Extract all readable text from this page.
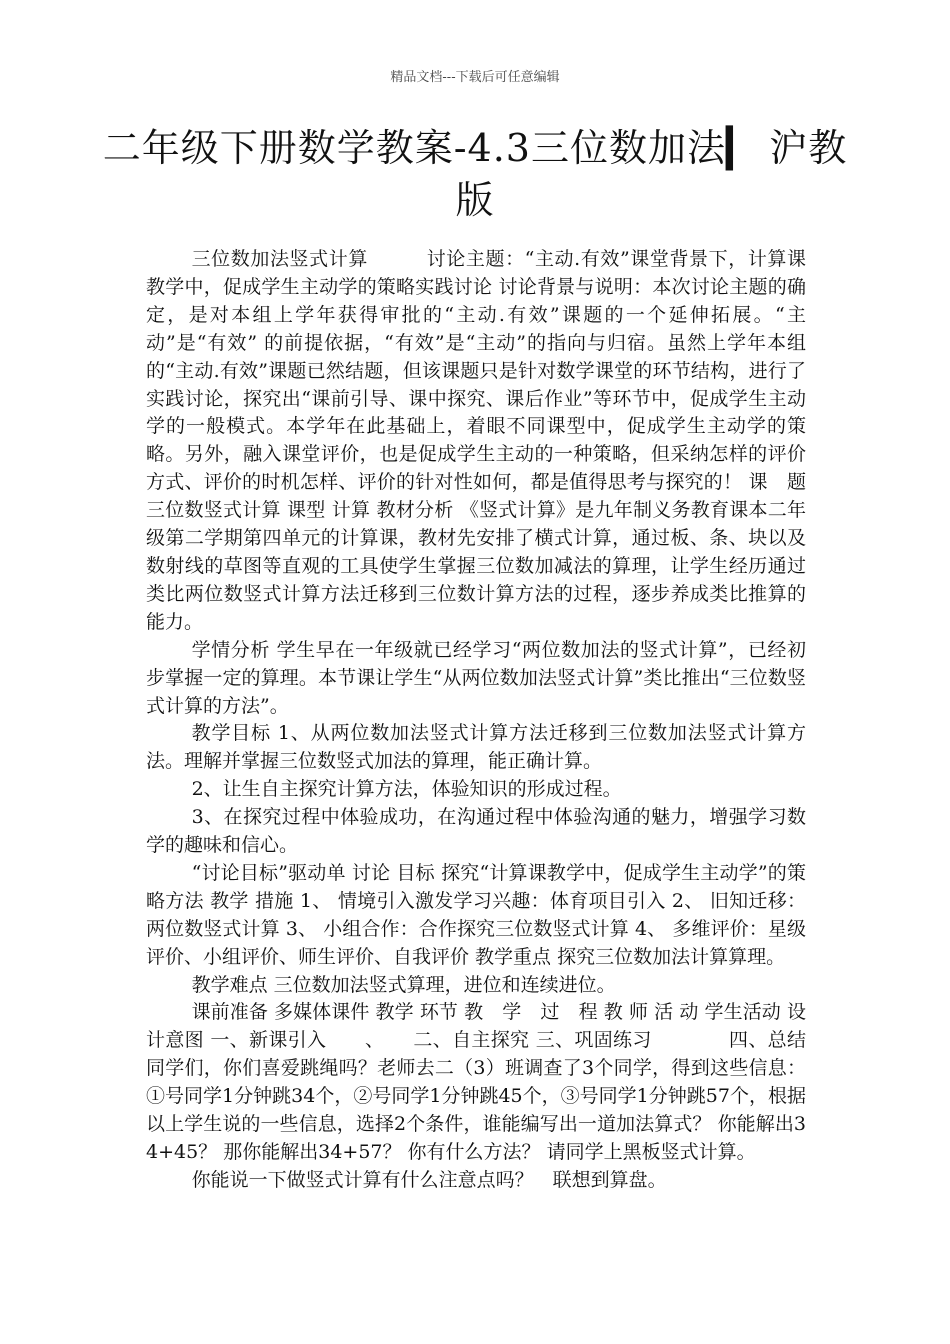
精品文档---下载后可任意编辑
二年级下册数学教案-4.3三位数加法▎ 沪教版

三位数加法竖式计算　　　讨论主题：“主动.有效”课堂背景下，计算课教学中，促成学生主动学的策略实践讨论 讨论背景与说明：本次讨论主题的确定，是对本组上学年获得审批的“主动.有效”课题的一个延伸拓展。“主动”是“有效” 的前提依据，“有效”是“主动”的指向与归宿。虽然上学年本组的“主动.有效”课题已然结题，但该课题只是针对数学课堂的环节结构，进行了实践讨论，探究出“课前引导、课中探究、课后作业”等环节中，促成学生主动学的一般模式。本学年在此基础上，着眼不同课型中，促成学生主动学的策略。另外，融入课堂评价，也是促成学生主动的一种策略，但采纳怎样的评价方式、评价的时机怎样、评价的针对性如何，都是值得思考与探究的！ 课　题 三位数竖式计算 课型 计算 教材分析 《竖式计算》是九年制义务教育课本二年级第二学期第四单元的计算课，教材先安排了横式计算，通过板、条、块以及数射线的草图等直观的工具使学生掌握三位数加减法的算理，让学生经历通过类比两位数竖式计算方法迁移到三位数计算方法的过程，逐步养成类比推算的能力。

学情分析 学生早在一年级就已经学习“两位数加法的竖式计算”，已经初步掌握一定的算理。本节课让学生“从两位数加法竖式计算”类比推出“三位数竖式计算的方法”。

教学目标 1、从两位数加法竖式计算方法迁移到三位数加法竖式计算方法。理解并掌握三位数竖式加法的算理，能正确计算。

2、让生自主探究计算方法，体验知识的形成过程。

3、在探究过程中体验成功，在沟通过程中体验沟通的魅力，增强学习数学的趣味和信心。

“讨论目标”驱动单 讨论 目标 探究“计算课教学中，促成学生主动学”的策略方法 教学 措施 1、 情境引入激发学习兴趣：体育项目引入 2、 旧知迁移：两位数竖式计算 3、 小组合作：合作探究三位数竖式计算 4、 多维评价：星级评价、小组评价、师生评价、自我评价 教学重点 探究三位数加法计算算理。

教学难点 三位数加法竖式算理，进位和连续进位。

课前准备 多媒体课件 教学 环节 教　学　过　程 教 师 活 动 学生活动 设计意图 一、新课引入　　、　　二、自主探究 三、巩固练习　　　　四、总结 同学们，你们喜爱跳绳吗？老师去二（3）班调查了3个同学，得到这些信息：①号同学1分钟跳34个，②号同学1分钟跳45个，③号同学1分钟跳57个，根据以上学生说的一些信息，选择2个条件，谁能编写出一道加法算式？ 你能解出34+45？ 那你能解出34+57？ 你有什么方法？ 请同学上黑板竖式计算。

你能说一下做竖式计算有什么注意点吗？　联想到算盘。
